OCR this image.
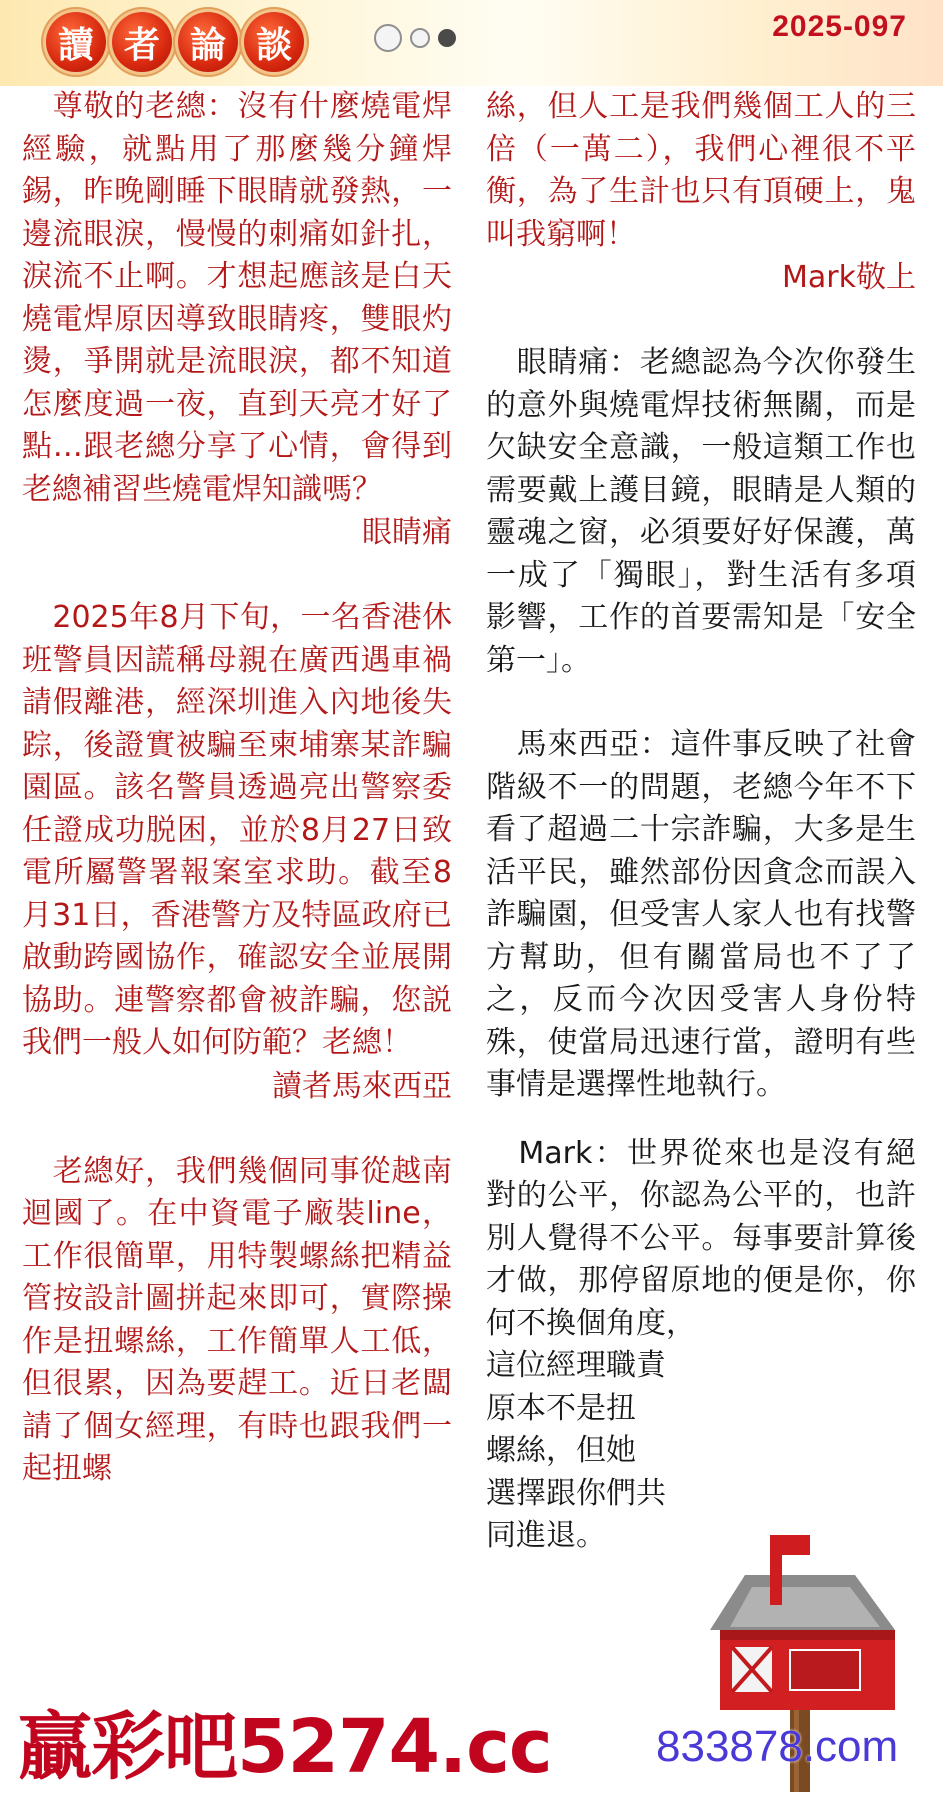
讀 者 論 談	2025-097

　尊敬的老總：沒有什麼燒電焊經驗，就點用了那麼幾分鐘焊錫，昨晚剛睡下眼睛就發熱，一邊流眼淚，慢慢的刺痛如針扎，淚流不止啊。才想起應該是白天燒電焊原因導致眼睛疼，雙眼灼燙，爭開就是流眼淚，都不知道怎麼度過一夜，直到天亮才好了點…跟老總分享了心情，會得到老總補習些燒電焊知識嗎？

眼睛痛

　2025年8月下旬，一名香港休班警員因謊稱母親在廣西遇車禍請假離港，經深圳進入內地後失踪，後證實被騙至柬埔寨某詐騙園區。該名警員透過亮出警察委任證成功脱困，並於8月27日致電所屬警署報案室求助。截至8月31日，香港警方及特區政府已啟動跨國協作，確認安全並展開協助。連警察都會被詐騙，您説我們一般人如何防範？老總！

讀者馬來西亞

　老總好，我們幾個同事從越南迴國了。在中資電子廠裝line，工作很簡單，用特製螺絲把精益管按設計圖拼起來即可，實際操作是扭螺絲，工作簡單人工低，但很累，因為要趕工。近日老闆請了個女經理，有時也跟我們一起扭螺

絲，但人工是我們幾個工人的三倍（一萬二），我們心裡很不平衡，為了生計也只有頂硬上，鬼叫我窮啊！

Mark敬上

　眼睛痛：老總認為今次你發生的意外與燒電焊技術無關，而是欠缺安全意識，一般這類工作也需要戴上護目鏡，眼睛是人類的靈魂之窗，必須要好好保護，萬一成了「獨眼」，對生活有多項影響，工作的首要需知是「安全第一」。

　馬來西亞：這件事反映了社會階級不一的問題，老總今年不下看了超過二十宗詐騙，大多是生活平民，雖然部份因貪念而誤入詐騙園，但受害人家人也有找警方幫助，但有關當局也不了了之，反而今次因受害人身份特殊，使當局迅速行當，證明有些事情是選擇性地執行。

　Mark：世界從來也是沒有絕對的公平，你認為公平的，也許別人覺得不公平。每事要計算後才做，那停留原地的便是你，你何不換個角度，

這位經理職責
原本不是扭
螺絲，但她
選擇跟你們共
同進退。

贏彩吧5274.cc 833878.com
